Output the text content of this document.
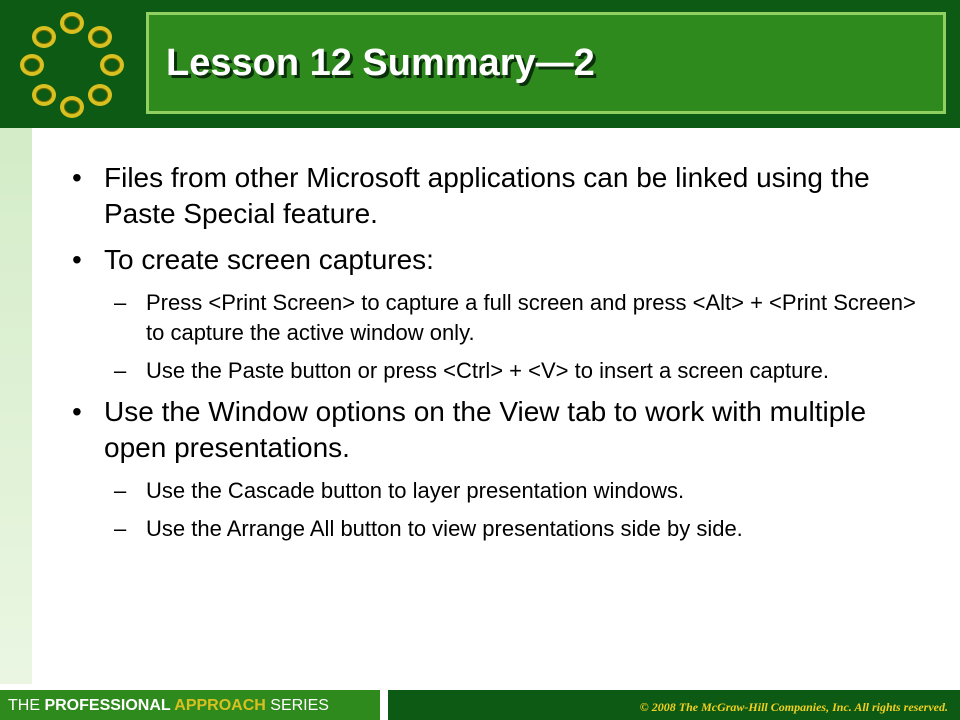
Lesson 12 Summary—2
• Files from other Microsoft applications can be linked using the Paste Special feature.
• To create screen captures:
– Press <Print Screen> to capture a full screen and press <Alt> + <Print Screen> to capture the active window only.
– Use the Paste button or press <Ctrl> + <V> to insert a screen capture.
• Use the Window options on the View tab to work with multiple open presentations.
– Use the Cascade button to layer presentation windows.
– Use the Arrange All button to view presentations side by side.
THE PROFESSIONAL APPROACH SERIES	© 2008 The McGraw-Hill Companies, Inc. All rights reserved.
